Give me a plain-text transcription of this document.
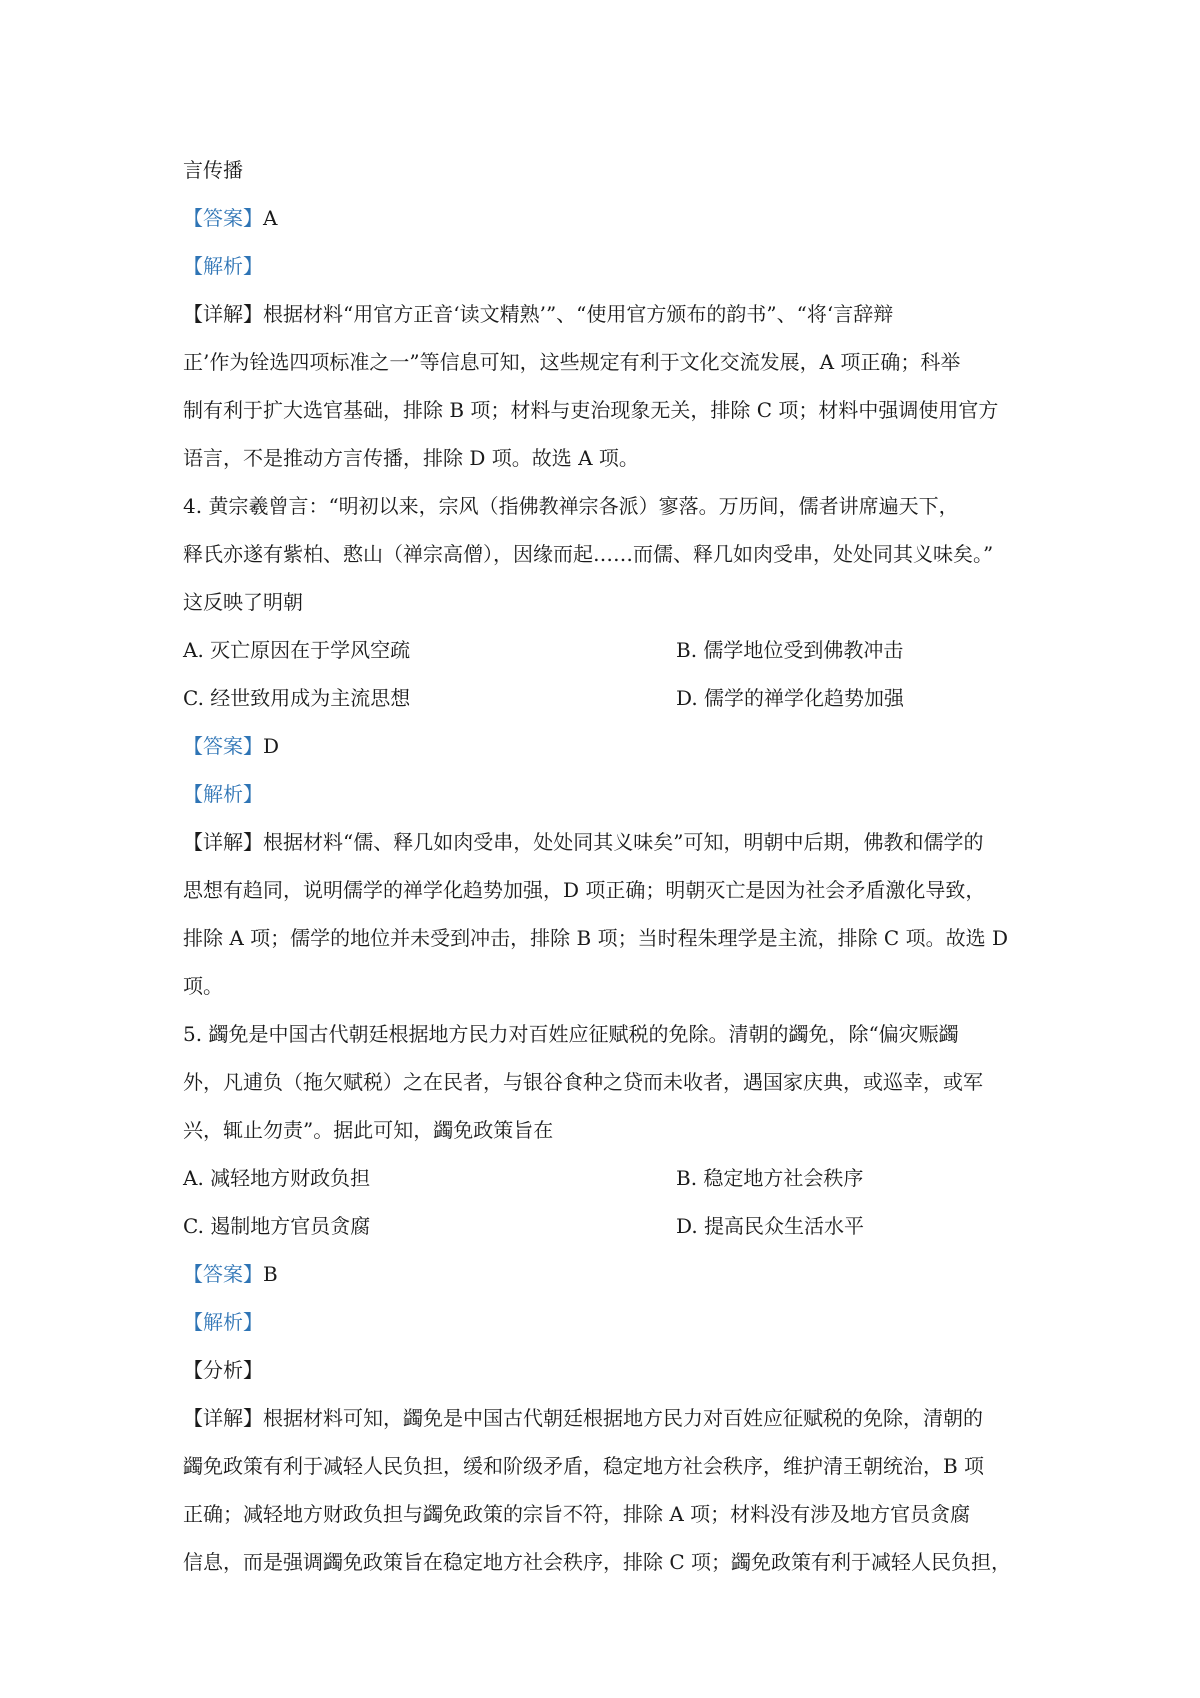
言传播
【答案】A
【解析】
【详解】根据材料“用官方正音‘读文精熟’”、“使用官方颁布的韵书”、“将‘言辞辩
正’作为铨选四项标准之一”等信息可知，这些规定有利于文化交流发展，A 项正确；科举
制有利于扩大选官基础，排除 B 项；材料与吏治现象无关，排除 C 项；材料中强调使用官方
语言，不是推动方言传播，排除 D 项。故选 A 项。
4. 黄宗羲曾言：“明初以来，宗风（指佛教禅宗各派）寥落。万历间，儒者讲席遍天下，
释氏亦遂有紫柏、憨山（禅宗高僧），因缘而起……而儒、释几如肉受串，处处同其义味矣。”
这反映了明朝
A. 灭亡原因在于学风空疏	B. 儒学地位受到佛教冲击
C. 经世致用成为主流思想	D. 儒学的禅学化趋势加强
【答案】D
【解析】
【详解】根据材料“儒、释几如肉受串，处处同其义味矣”可知，明朝中后期，佛教和儒学的
思想有趋同，说明儒学的禅学化趋势加强，D 项正确；明朝灭亡是因为社会矛盾激化导致，
排除 A 项；儒学的地位并未受到冲击，排除 B 项；当时程朱理学是主流，排除 C 项。故选 D
项。
5. 蠲免是中国古代朝廷根据地方民力对百姓应征赋税的免除。清朝的蠲免，除“偏灾赈蠲
外，凡逋负（拖欠赋税）之在民者，与银谷食种之贷而未收者，遇国家庆典，或巡幸，或军
兴，辄止勿责”。据此可知，蠲免政策旨在
A. 减轻地方财政负担	B. 稳定地方社会秩序
C. 遏制地方官员贪腐	D. 提高民众生活水平
【答案】B
【解析】
【分析】
【详解】根据材料可知，蠲免是中国古代朝廷根据地方民力对百姓应征赋税的免除，清朝的
蠲免政策有利于减轻人民负担，缓和阶级矛盾，稳定地方社会秩序，维护清王朝统治，B 项
正确；减轻地方财政负担与蠲免政策的宗旨不符，排除 A 项；材料没有涉及地方官员贪腐
信息，而是强调蠲免政策旨在稳定地方社会秩序，排除 C 项；蠲免政策有利于减轻人民负担，
